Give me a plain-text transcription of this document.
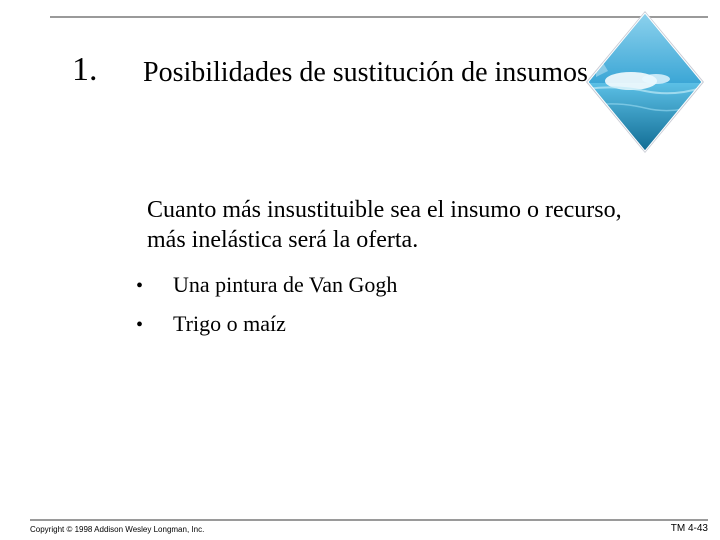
1. Posibilidades de sustitución de insumos
Cuanto más insustituible sea el insumo o recurso, más inelástica será la oferta.
•	Una pintura de Van Gogh
•	Trigo o maíz
Copyright © 1998 Addison Wesley Longman, Inc.	TM 4-43
